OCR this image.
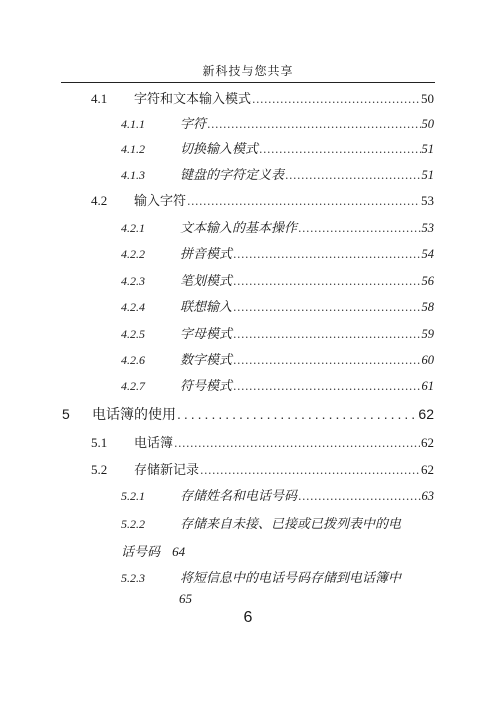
新科技与您共享
4.1	字符和文本输入模式 .....	50
4.1.1	字符 .....	50
4.1.2	切换输入模式 .....	51
4.1.3	键盘的字符定义表 .....	51
4.2	输入字符 .....	53
4.2.1	文本输入的基本操作 .....	53
4.2.2	拼音模式 .....	54
4.2.3	笔划模式 .....	56
4.2.4	联想输入 .....	58
4.2.5	字母模式 .....	59
4.2.6	数字模式 .....	60
4.2.7	符号模式 .....	61
5	电话簿的使用 .....	62
5.1	电话簿 .....	62
5.2	存储新记录 .....	62
5.2.1	存储姓名和电话号码 .....	63
5.2.2	存储来自未接、已接或已拨列表中的电
话号码 64
5.2.3	将短信息中的电话号码存储到电话簿中
65
6
